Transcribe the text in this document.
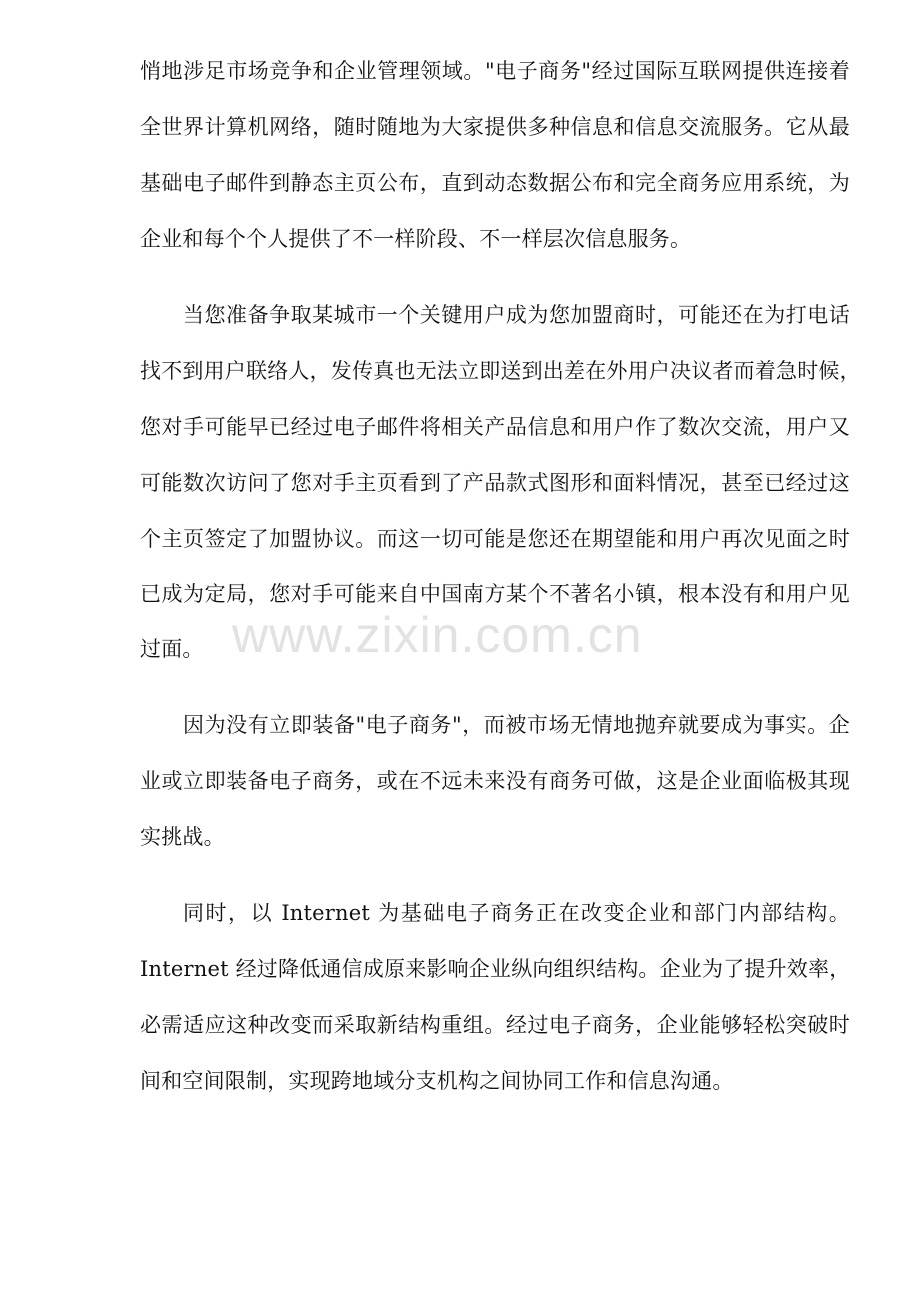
悄地涉足市场竞争和企业管理领域。"电子商务"经过国际互联网提供连接着
全世界计算机网络，随时随地为大家提供多种信息和信息交流服务。它从最
基础电子邮件到静态主页公布，直到动态数据公布和完全商务应用系统，为
企业和每个个人提供了不一样阶段、不一样层次信息服务。
当您准备争取某城市一个关键用户成为您加盟商时，可能还在为打电话
找不到用户联络人，发传真也无法立即送到出差在外用户决议者而着急时候，
您对手可能早已经过电子邮件将相关产品信息和用户作了数次交流，用户又
可能数次访问了您对手主页看到了产品款式图形和面料情况，甚至已经过这
个主页签定了加盟协议。而这一切可能是您还在期望能和用户再次见面之时
已成为定局，您对手可能来自中国南方某个不著名小镇，根本没有和用户见
过面。
因为没有立即装备"电子商务"，而被市场无情地抛弃就要成为事实。企
业或立即装备电子商务，或在不远未来没有商务可做，这是企业面临极其现
实挑战。
同时，以 Internet 为基础电子商务正在改变企业和部门内部结构。
Internet 经过降低通信成原来影响企业纵向组织结构。企业为了提升效率，
必需适应这种改变而采取新结构重组。经过电子商务，企业能够轻松突破时
间和空间限制，实现跨地域分支机构之间协同工作和信息沟通。
www.zixin.com.cn
